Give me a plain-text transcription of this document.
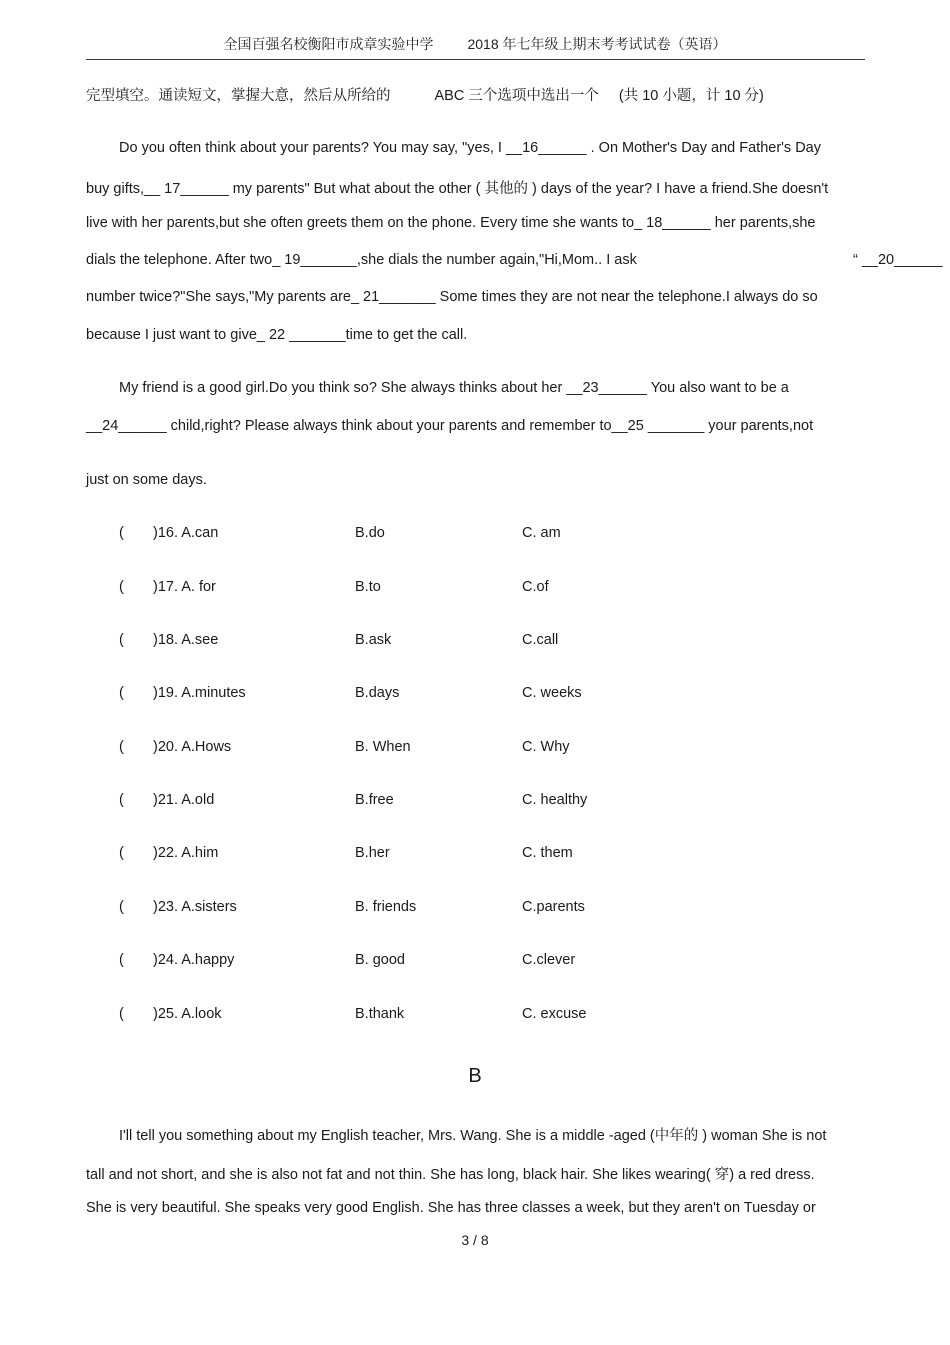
全国百强名校衡阳市成章实验中学 2018 年七年级上期末考考试试卷（英语）
完型填空。通读短文，掌握大意，然后从所给的	ABC 三个选项中选出一个 (共 10 小题，计 10 分)
Do you often think about your parents? You may say, "yes, I __16______ . On Mother's Day and Father's Day
buy gifts,__ 17______ my parents" But what about the other ( 其他的 ) days of the year? I have a friend.She doesn't
live with her parents,but she often greets them on the phone. Every time she wants to_ 18______ her parents,she
dials the telephone. After two_ 19_______,she dials the number again,"Hi,Mom.. I ask	“ __20______
number twice?"She says,"My parents are_ 21_______ Some times they are not near the telephone.I always do so
because I just want to give_ 22 _______time to get the call.
My friend is a good girl.Do you think so? She always thinks about her __23______ You also want to be a
__24______ child,right? Please always think about your parents and remember to__25 _______ your parents,not
just on some days.
( )16. A.can	B.do	C. am
( )17. A. for	B.to	C.of
( )18. A.see	B.ask	C.call
( )19. A.minutes	B.days	C. weeks
( )20. A.Hows	B. When	C. Why
( )21. A.old	B.free	C. healthy
( )22. A.him	B.her	C. them
( )23. A.sisters	B. friends	C.parents
( )24. A.happy	B. good	C.clever
( )25. A.look	B.thank	C. excuse
B
I'll tell you something about my English teacher, Mrs. Wang. She is a middle -aged (中年的 ) woman She is not
tall and not short, and she is also not fat and not thin. She has long, black hair. She likes wearing( 穿) a red dress.
She is very beautiful. She speaks very good English. She has three classes a week, but they aren't on Tuesday or
3 / 8
